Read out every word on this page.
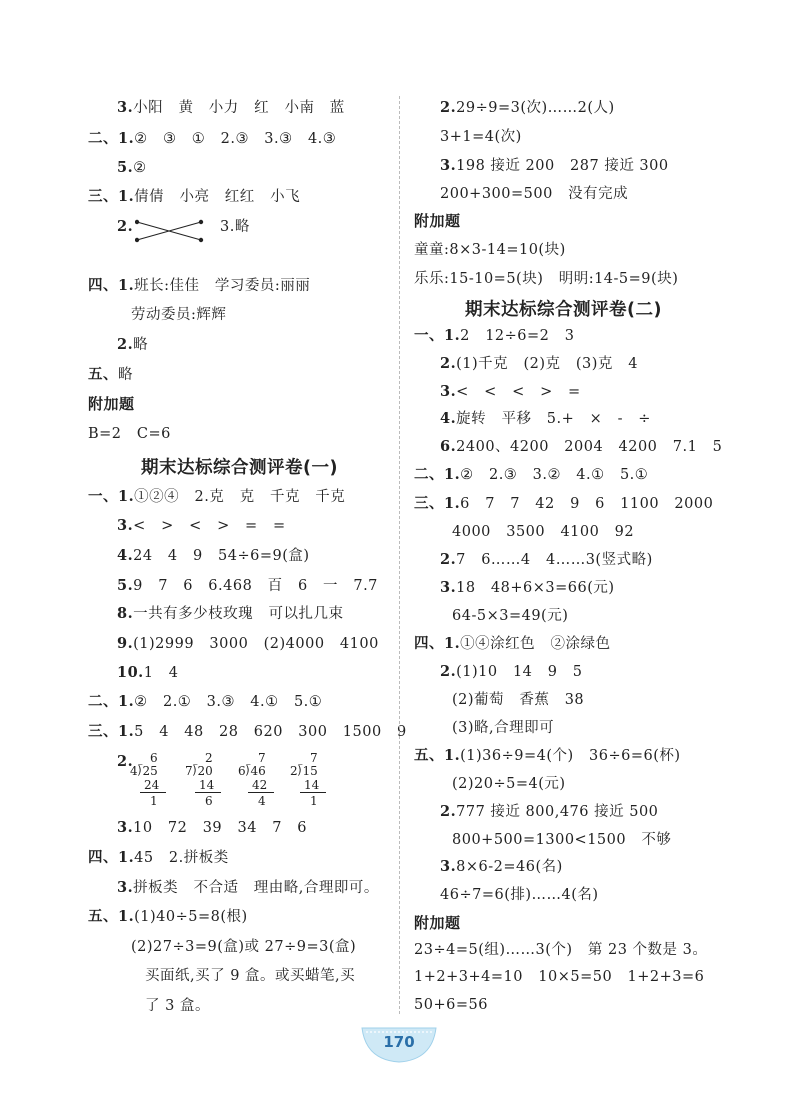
3.小阳   黄   小力   红   小南   蓝
二、1.②   ③   ①   2.③   3.③   4.③
5.②
三、1.倩倩   小亮   红红   小飞
2.	3.略
四、1.班长:佳佳   学习委员:丽丽
劳动委员:辉辉
2.略
五、略
附加题
B=2   C=6
期末达标综合测评卷(一)
一、1.①②④   2.克   克   千克   千克
3.<   >   <   >   =   =
4.24   4   9   54÷6=9(盒)
5.9   7   6   6.468   百   6   一   7.7
8.一共有多少枝玫瑰   可以扎几束
9.(1)2999   3000   (2)4000   4100
10.1   4
二、1.②   2.①   3.③   4.①   5.①
三、1.5   4   48   28   620   300   1500   9
2. 6
4⟌25
24
1
2
7⟌20
14
6
7
6⟌46
42
4
7
2⟌15
14
1
3.10   72   39   34   7   6
四、1.45   2.拼板类
3.拼板类   不合适   理由略,合理即可。
五、1.(1)40÷5=8(根)
(2)27÷3=9(盒)或 27÷9=3(盒)
买面纸,买了 9 盒。或买蜡笔,买
了 3 盒。
2.29÷9=3(次)……2(人)
3+1=4(次)
3.198 接近 200   287 接近 300
200+300=500   没有完成
附加题
童童:8×3-14=10(块)
乐乐:15-10=5(块)   明明:14-5=9(块)
期末达标综合测评卷(二)
一、1.2   12÷6=2   3
2.(1)千克   (2)克   (3)克   4
3.<   <   <   >   =
4.旋转   平移   5.+   ×   -   ÷
6.2400、4200   2004   4200   7.1   5
二、1.②   2.③   3.②   4.①   5.①
三、1.6   7   7   42   9   6   1100   2000
4000   3500   4100   92
2.7   6……4   4……3(竖式略)
3.18   48+6×3=66(元)
64-5×3=49(元)
四、1.①④涂红色   ②涂绿色
2.(1)10   14   9   5
(2)葡萄   香蕉   38
(3)略,合理即可
五、1.(1)36÷9=4(个)   36÷6=6(杯)
(2)20÷5=4(元)
2.777 接近 800,476 接近 500
800+500=1300<1500   不够
3.8×6-2=46(名)
46÷7=6(排)……4(名)
附加题
23÷4=5(组)……3(个)   第 23 个数是 3。
1+2+3+4=10   10×5=50   1+2+3=6
50+6=56
170
